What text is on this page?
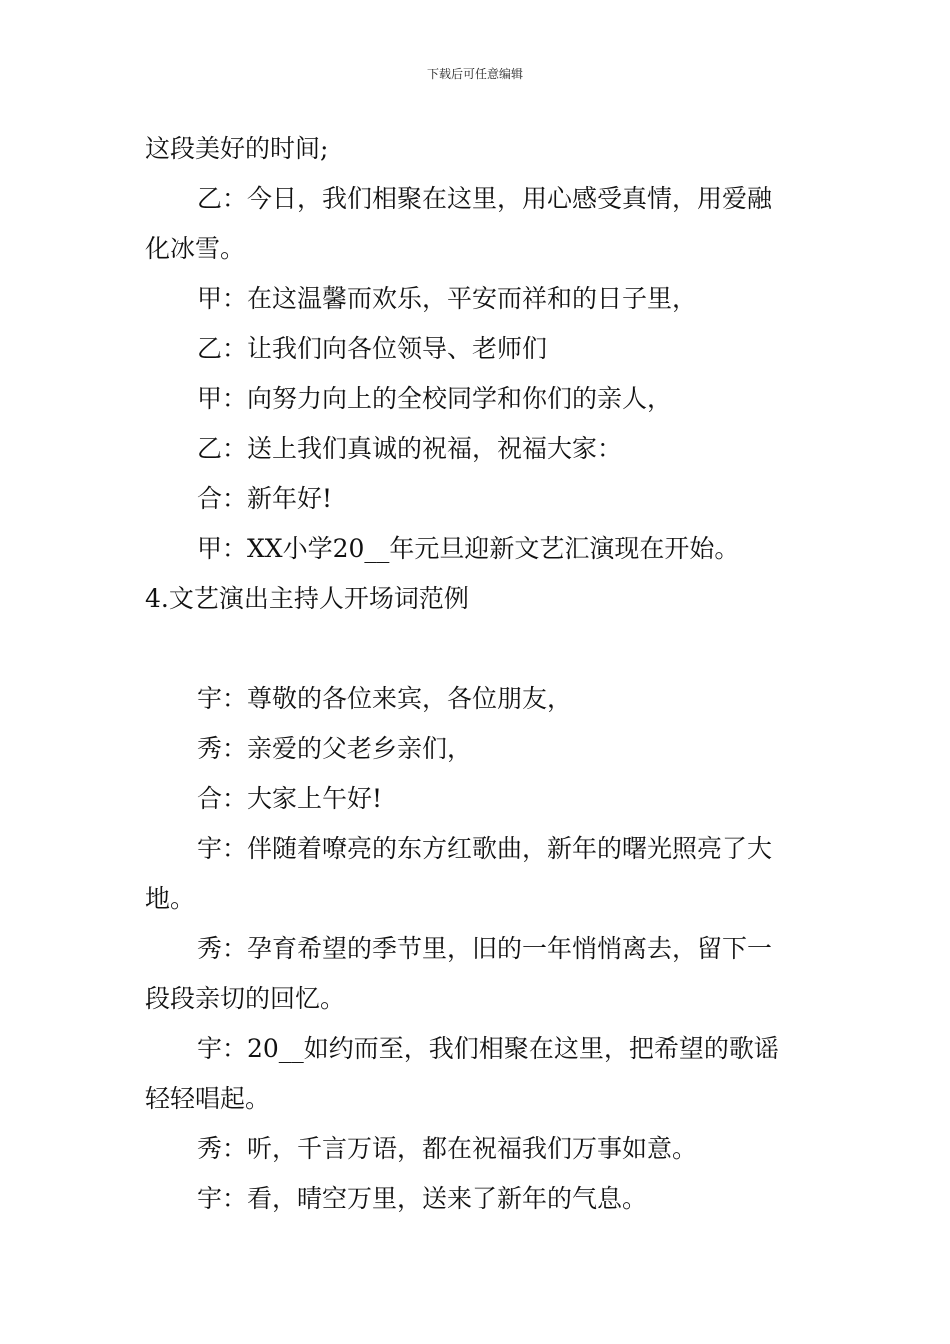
下载后可任意编辑
这段美好的时间;
乙：今日，我们相聚在这里，用心感受真情，用爱融
化冰雪。
甲：在这温馨而欢乐，平安而祥和的日子里，
乙：让我们向各位领导、老师们
甲：向努力向上的全校同学和你们的亲人，
乙：送上我们真诚的祝福，祝福大家：
合：新年好!
甲：XX小学20__年元旦迎新文艺汇演现在开始。
4.文艺演出主持人开场词范例
宇：尊敬的各位来宾，各位朋友，
秀：亲爱的父老乡亲们，
合：大家上午好!
宇：伴随着嘹亮的东方红歌曲，新年的曙光照亮了大
地。
秀：孕育希望的季节里，旧的一年悄悄离去，留下一
段段亲切的回忆。
宇：20__如约而至，我们相聚在这里，把希望的歌谣
轻轻唱起。
秀：听，千言万语，都在祝福我们万事如意。
宇：看，晴空万里，送来了新年的气息。
